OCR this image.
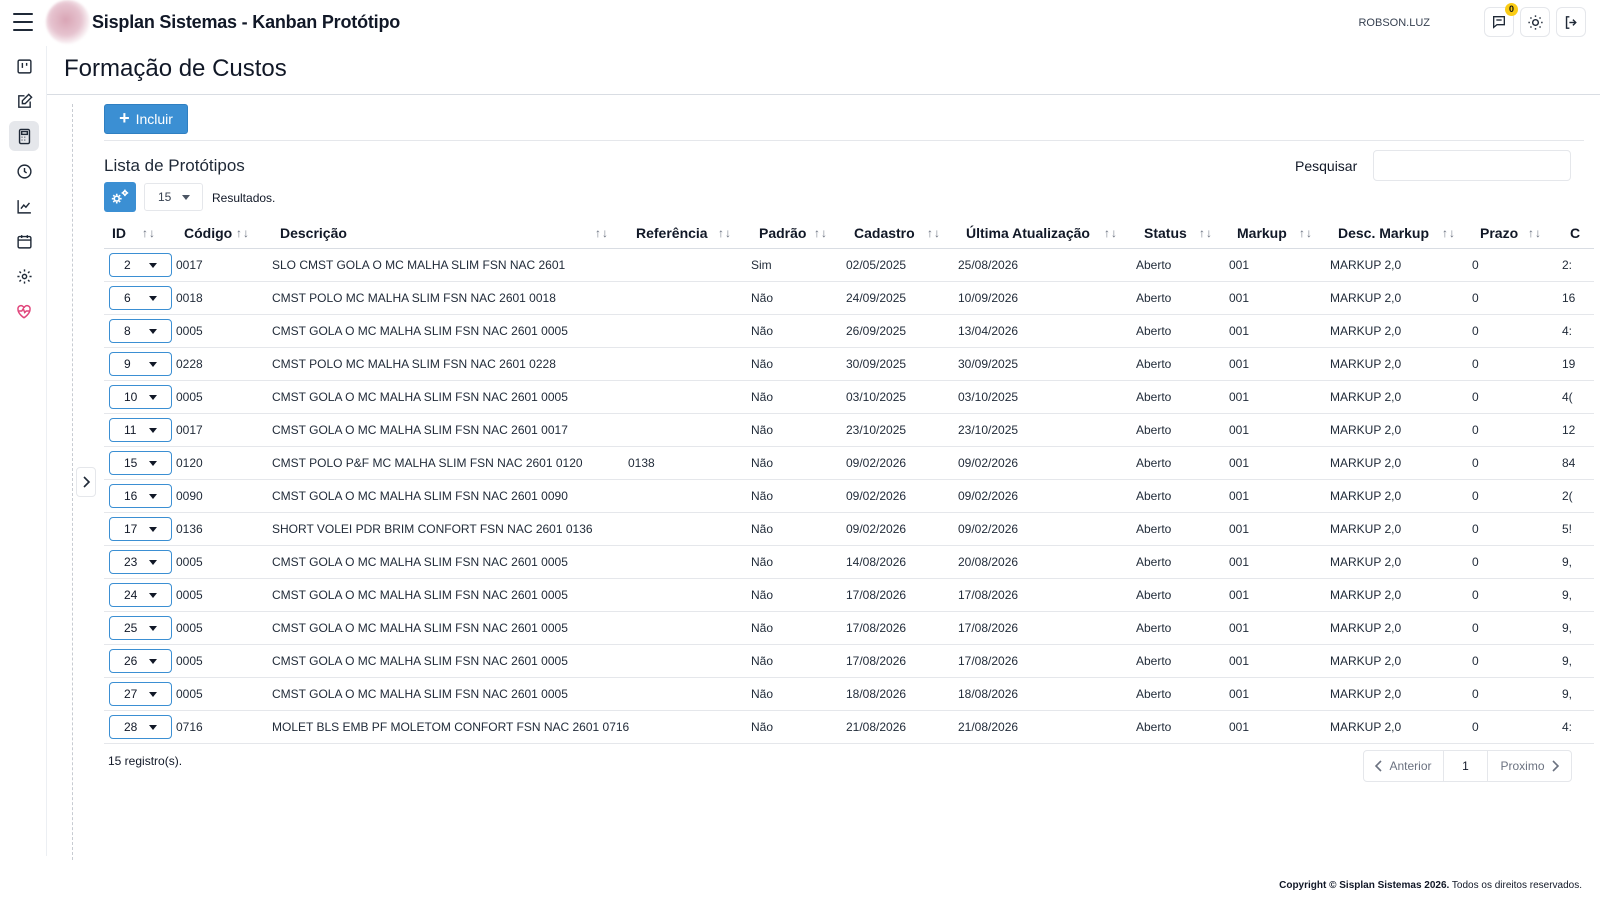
Sisplan Sistemas - Kanban Protótipo	ROBSON.LUZ
0
Formação de Custos
+ Incluir
Lista de Protótipos	Pesquisar
15	Resultados.
ID ↑↓	Código ↑↓	Descrição ↑↓	Referência ↑↓	Padrão ↑↓	Cadastro ↑↓	Última Atualização ↑↓	Status ↑↓	Markup ↑↓	Desc. Markup ↑↓	Prazo ↑↓	C

2	0017	SLO CMST GOLA O MC MALHA SLIM FSN NAC 2601		Sim	02/05/2025	25/08/2026	Aberto	001	MARKUP 2,0	0	2:

6	0018	CMST POLO MC MALHA SLIM FSN NAC 2601 0018		Não	24/09/2025	10/09/2026	Aberto	001	MARKUP 2,0	0	16

8	0005	CMST GOLA O MC MALHA SLIM FSN NAC 2601 0005		Não	26/09/2025	13/04/2026	Aberto	001	MARKUP 2,0	0	4:

9	0228	CMST POLO MC MALHA SLIM FSN NAC 2601 0228		Não	30/09/2025	30/09/2025	Aberto	001	MARKUP 2,0	0	19

10	0005	CMST GOLA O MC MALHA SLIM FSN NAC 2601 0005		Não	03/10/2025	03/10/2025	Aberto	001	MARKUP 2,0	0	4(

11	0017	CMST GOLA O MC MALHA SLIM FSN NAC 2601 0017		Não	23/10/2025	23/10/2025	Aberto	001	MARKUP 2,0	0	12

15	0120	CMST POLO P&F MC MALHA SLIM FSN NAC 2601 0120	0138	Não	09/02/2026	09/02/2026	Aberto	001	MARKUP 2,0	0	84

16	0090	CMST GOLA O MC MALHA SLIM FSN NAC 2601 0090		Não	09/02/2026	09/02/2026	Aberto	001	MARKUP 2,0	0	2(

17	0136	SHORT VOLEI PDR BRIM CONFORT FSN NAC 2601 0136		Não	09/02/2026	09/02/2026	Aberto	001	MARKUP 2,0	0	5!

23	0005	CMST GOLA O MC MALHA SLIM FSN NAC 2601 0005		Não	14/08/2026	20/08/2026	Aberto	001	MARKUP 2,0	0	9,

24	0005	CMST GOLA O MC MALHA SLIM FSN NAC 2601 0005		Não	17/08/2026	17/08/2026	Aberto	001	MARKUP 2,0	0	9,

25	0005	CMST GOLA O MC MALHA SLIM FSN NAC 2601 0005		Não	17/08/2026	17/08/2026	Aberto	001	MARKUP 2,0	0	9,

26	0005	CMST GOLA O MC MALHA SLIM FSN NAC 2601 0005		Não	17/08/2026	17/08/2026	Aberto	001	MARKUP 2,0	0	9,

27	0005	CMST GOLA O MC MALHA SLIM FSN NAC 2601 0005		Não	18/08/2026	18/08/2026	Aberto	001	MARKUP 2,0	0	9,

28	0716	MOLET BLS EMB PF MOLETOM CONFORT FSN NAC 2601 0716		Não	21/08/2026	21/08/2026	Aberto	001	MARKUP 2,0	0	4:
15 registro(s).	Anterior	1	Proximo
Copyright © Sisplan Sistemas 2026. Todos os direitos reservados.
